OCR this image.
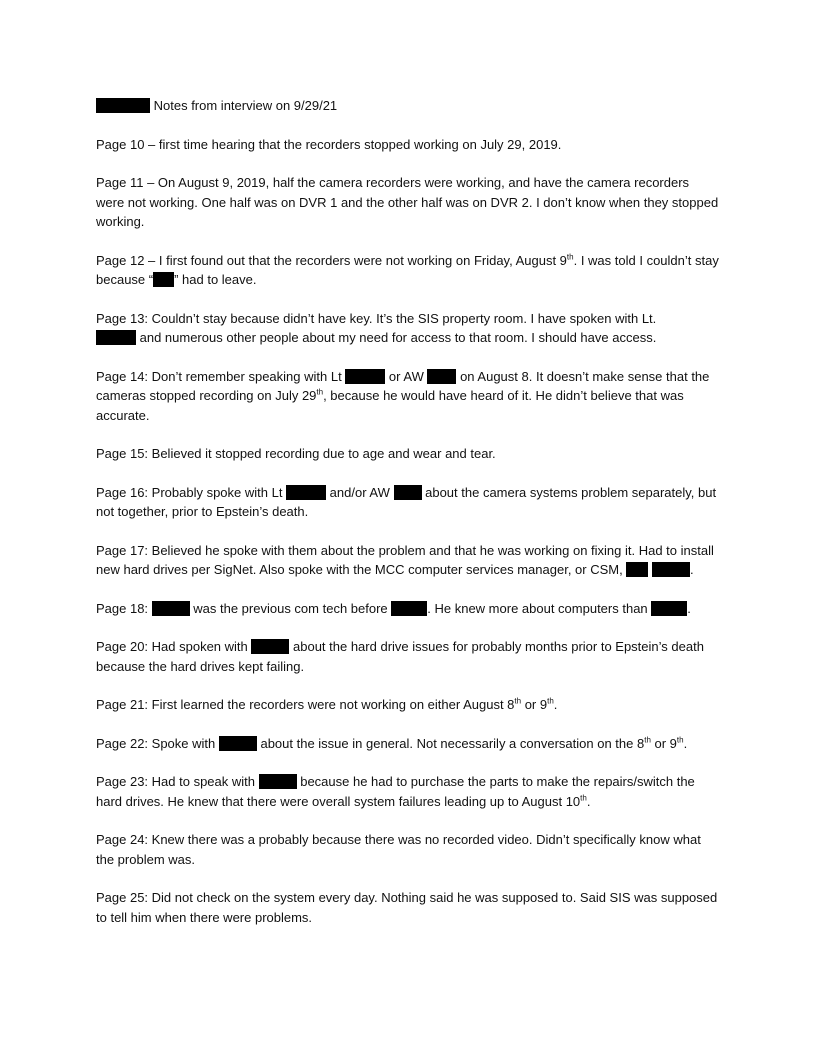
Notes from interview on 9/29/21

Page 10 – first time hearing that the recorders stopped working on July 29, 2019.

Page 11 – On August 9, 2019, half the camera recorders were working, and have the camera recorders were not working. One half was on DVR 1 and the other half was on DVR 2. I don’t know when they stopped working.

Page 12 – I first found out that the recorders were not working on Friday, August 9th. I was told I couldn’t stay because “ ” had to leave.

Page 13: Couldn’t stay because didn’t have key. It’s the SIS property room. I have spoken with Lt.
and numerous other people about my need for access to that room. I should have access.

Page 14: Don’t remember speaking with Lt	or AW  on August 8. It doesn’t make sense that the cameras stopped recording on July 29th, because he would have heard of it. He didn’t believe that was accurate.

Page 15: Believed it stopped recording due to age and wear and tear.

Page 16: Probably spoke with Lt	and/or AW  about the camera systems problem separately, but not together, prior to Epstein’s death.

Page 17: Believed he spoke with them about the problem and that he was working on fixing it. Had to install new hard drives per SigNet. Also spoke with the MCC computer services manager, or CSM,	.

Page 18:	was the previous com tech before	. He knew more about computers than	.

Page 20: Had spoken with	about the hard drive issues for probably months prior to Epstein’s death because the hard drives kept failing.

Page 21: First learned the recorders were not working on either August 8th or 9th.

Page 22: Spoke with	about the issue in general. Not necessarily a conversation on the 8th or 9th.

Page 23: Had to speak with	because he had to purchase the parts to make the repairs/switch the hard drives. He knew that there were overall system failures leading up to August 10th.

Page 24: Knew there was a probably because there was no recorded video. Didn’t specifically know what the problem was.

Page 25: Did not check on the system every day. Nothing said he was supposed to. Said SIS was supposed to tell him when there were problems.
